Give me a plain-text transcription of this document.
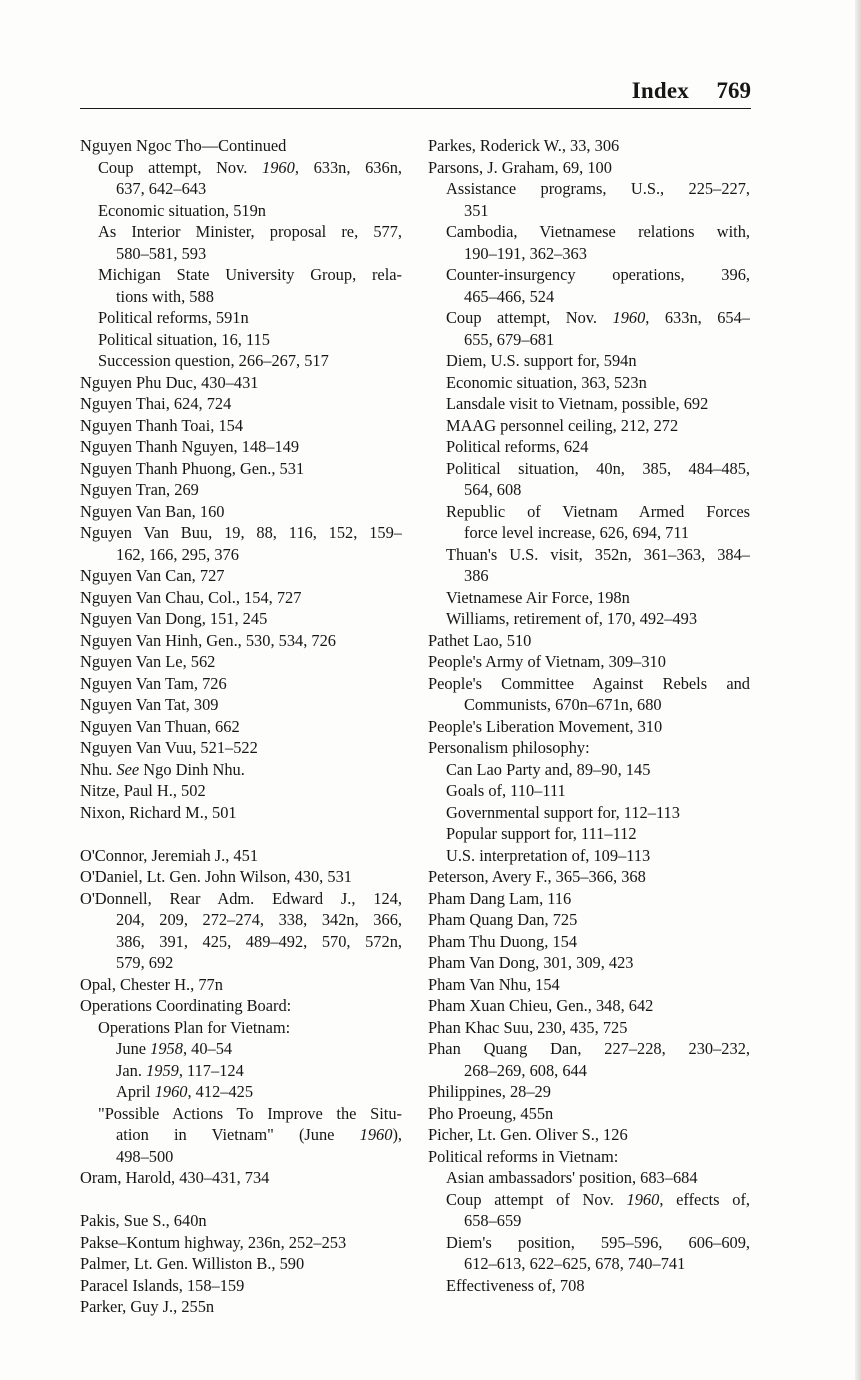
Index 769
Nguyen Ngoc Tho—Continued
Coup attempt, Nov. 1960, 633n, 636n,
637, 642–643
Economic situation, 519n
As Interior Minister, proposal re, 577,
580–581, 593
Michigan State University Group, rela-
tions with, 588
Political reforms, 591n
Political situation, 16, 115
Succession question, 266–267, 517
Nguyen Phu Duc, 430–431
Nguyen Thai, 624, 724
Nguyen Thanh Toai, 154
Nguyen Thanh Nguyen, 148–149
Nguyen Thanh Phuong, Gen., 531
Nguyen Tran, 269
Nguyen Van Ban, 160
Nguyen Van Buu, 19, 88, 116, 152, 159–
162, 166, 295, 376
Nguyen Van Can, 727
Nguyen Van Chau, Col., 154, 727
Nguyen Van Dong, 151, 245
Nguyen Van Hinh, Gen., 530, 534, 726
Nguyen Van Le, 562
Nguyen Van Tam, 726
Nguyen Van Tat, 309
Nguyen Van Thuan, 662
Nguyen Van Vuu, 521–522
Nhu. See Ngo Dinh Nhu.
Nitze, Paul H., 502
Nixon, Richard M., 501
O'Connor, Jeremiah J., 451
O'Daniel, Lt. Gen. John Wilson, 430, 531
O'Donnell, Rear Adm. Edward J., 124,
204, 209, 272–274, 338, 342n, 366,
386, 391, 425, 489–492, 570, 572n,
579, 692
Opal, Chester H., 77n
Operations Coordinating Board:
Operations Plan for Vietnam:
June 1958, 40–54
Jan. 1959, 117–124
April 1960, 412–425
"Possible Actions To Improve the Situ-
ation in Vietnam" (June 1960),
498–500
Oram, Harold, 430–431, 734
Pakis, Sue S., 640n
Pakse–Kontum highway, 236n, 252–253
Palmer, Lt. Gen. Williston B., 590
Paracel Islands, 158–159
Parker, Guy J., 255n
Parkes, Roderick W., 33, 306
Parsons, J. Graham, 69, 100
Assistance programs, U.S., 225–227,
351
Cambodia, Vietnamese relations with,
190–191, 362–363
Counter-insurgency operations, 396,
465–466, 524
Coup attempt, Nov. 1960, 633n, 654–
655, 679–681
Diem, U.S. support for, 594n
Economic situation, 363, 523n
Lansdale visit to Vietnam, possible, 692
MAAG personnel ceiling, 212, 272
Political reforms, 624
Political situation, 40n, 385, 484–485,
564, 608
Republic of Vietnam Armed Forces
force level increase, 626, 694, 711
Thuan's U.S. visit, 352n, 361–363, 384–
386
Vietnamese Air Force, 198n
Williams, retirement of, 170, 492–493
Pathet Lao, 510
People's Army of Vietnam, 309–310
People's Committee Against Rebels and
Communists, 670n–671n, 680
People's Liberation Movement, 310
Personalism philosophy:
Can Lao Party and, 89–90, 145
Goals of, 110–111
Governmental support for, 112–113
Popular support for, 111–112
U.S. interpretation of, 109–113
Peterson, Avery F., 365–366, 368
Pham Dang Lam, 116
Pham Quang Dan, 725
Pham Thu Duong, 154
Pham Van Dong, 301, 309, 423
Pham Van Nhu, 154
Pham Xuan Chieu, Gen., 348, 642
Phan Khac Suu, 230, 435, 725
Phan Quang Dan, 227–228, 230–232,
268–269, 608, 644
Philippines, 28–29
Pho Proeung, 455n
Picher, Lt. Gen. Oliver S., 126
Political reforms in Vietnam:
Asian ambassadors' position, 683–684
Coup attempt of Nov. 1960, effects of,
658–659
Diem's position, 595–596, 606–609,
612–613, 622–625, 678, 740–741
Effectiveness of, 708
